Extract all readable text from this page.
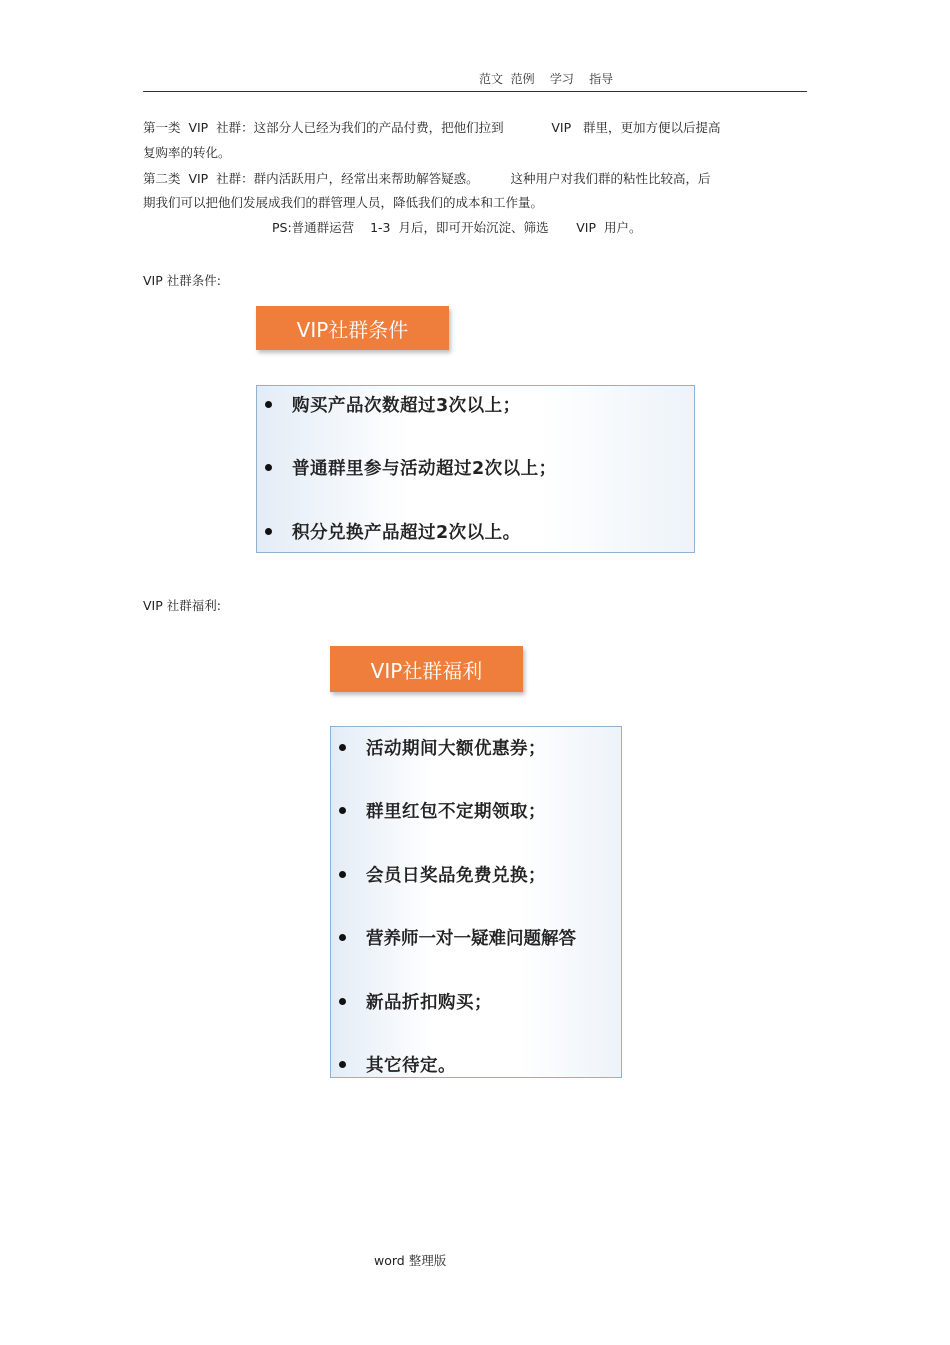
范文  范例    学习    指导
第一类  VIP  社群：这部分人已经为我们的产品付费，把他们拉到            VIP   群里，更加方便以后提高
复购率的转化。
第二类  VIP  社群：群内活跃用户，经常出来帮助解答疑惑。        这种用户对我们群的粘性比较高，后
期我们可以把他们发展成我们的群管理人员，降低我们的成本和工作量。
PS:普通群运营    1-3  月后，即可开始沉淀、筛选       VIP  用户。
VIP 社群条件:
VIP社群条件
购买产品次数超过3次以上；
普通群里参与活动超过2次以上；
积分兑换产品超过2次以上。
VIP 社群福利:
VIP社群福利
活动期间大额优惠券；
群里红包不定期领取；
会员日奖品免费兑换；
营养师一对一疑难问题解答
新品折扣购买；
其它待定。
word 整理版
